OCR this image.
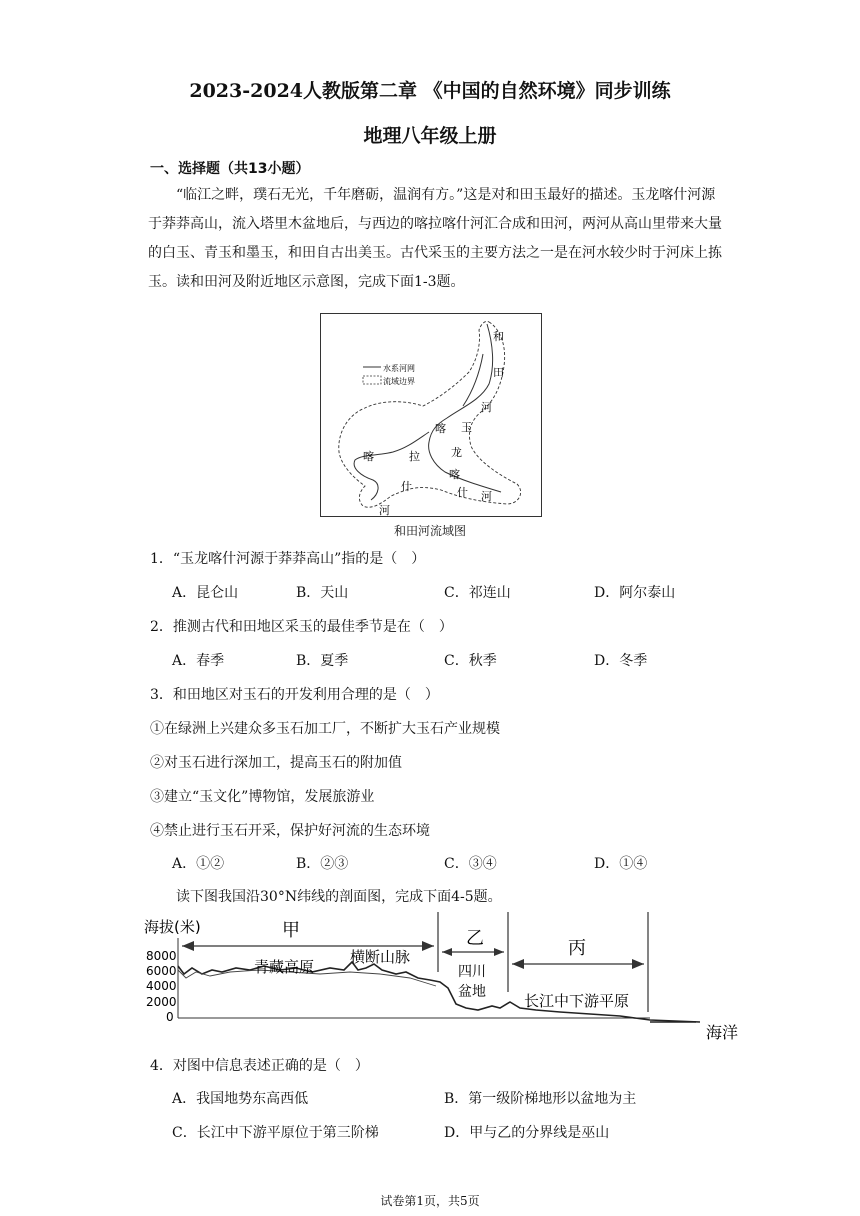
2023-2024人教版第二章 《中国的自然环境》同步训练
地理八年级上册
一、选择题（共13小题）
“临江之畔，璞石无光，千年磨砺，温润有方。”这是对和田玉最好的描述。玉龙喀什河源于莽莽高山，流入塔里木盆地后，与西边的喀拉喀什河汇合成和田河，两河从高山里带来大量的白玉、青玉和墨玉，和田自古出美玉。古代采玉的主要方法之一是在河水较少时于河床上拣玉。读和田河及附近地区示意图，完成下面1-3题。
水系河网
流域边界
和
田
河
玉
龙
喀
什 河
喀
拉
喀
什
河
和田河流域图
1．“玉龙喀什河源于莽莽高山”指的是（　）
A．昆仑山	B．天山	C．祁连山	D．阿尔泰山
2．推测古代和田地区采玉的最佳季节是在（　）
A．春季	B．夏季	C．秋季	D．冬季
3．和田地区对玉石的开发利用合理的是（　）
①在绿洲上兴建众多玉石加工厂，不断扩大玉石产业规模
②对玉石进行深加工，提高玉石的附加值
③建立“玉文化”博物馆，发展旅游业
④禁止进行玉石开采，保护好河流的生态环境
A．①②	B．②③	C．③④	D．①④
读下图我国沿30°N纬线的剖面图，完成下面4-5题。
海拔(米)
8000
6000
4000
2000
0
甲	乙	丙
青藏高原
横断山脉
四川
盆地	长江中下游平原
海洋
4．对图中信息表述正确的是（　）
A．我国地势东高西低	B．第一级阶梯地形以盆地为主
C．长江中下游平原位于第三阶梯	D．甲与乙的分界线是巫山
试卷第1页，共5页
